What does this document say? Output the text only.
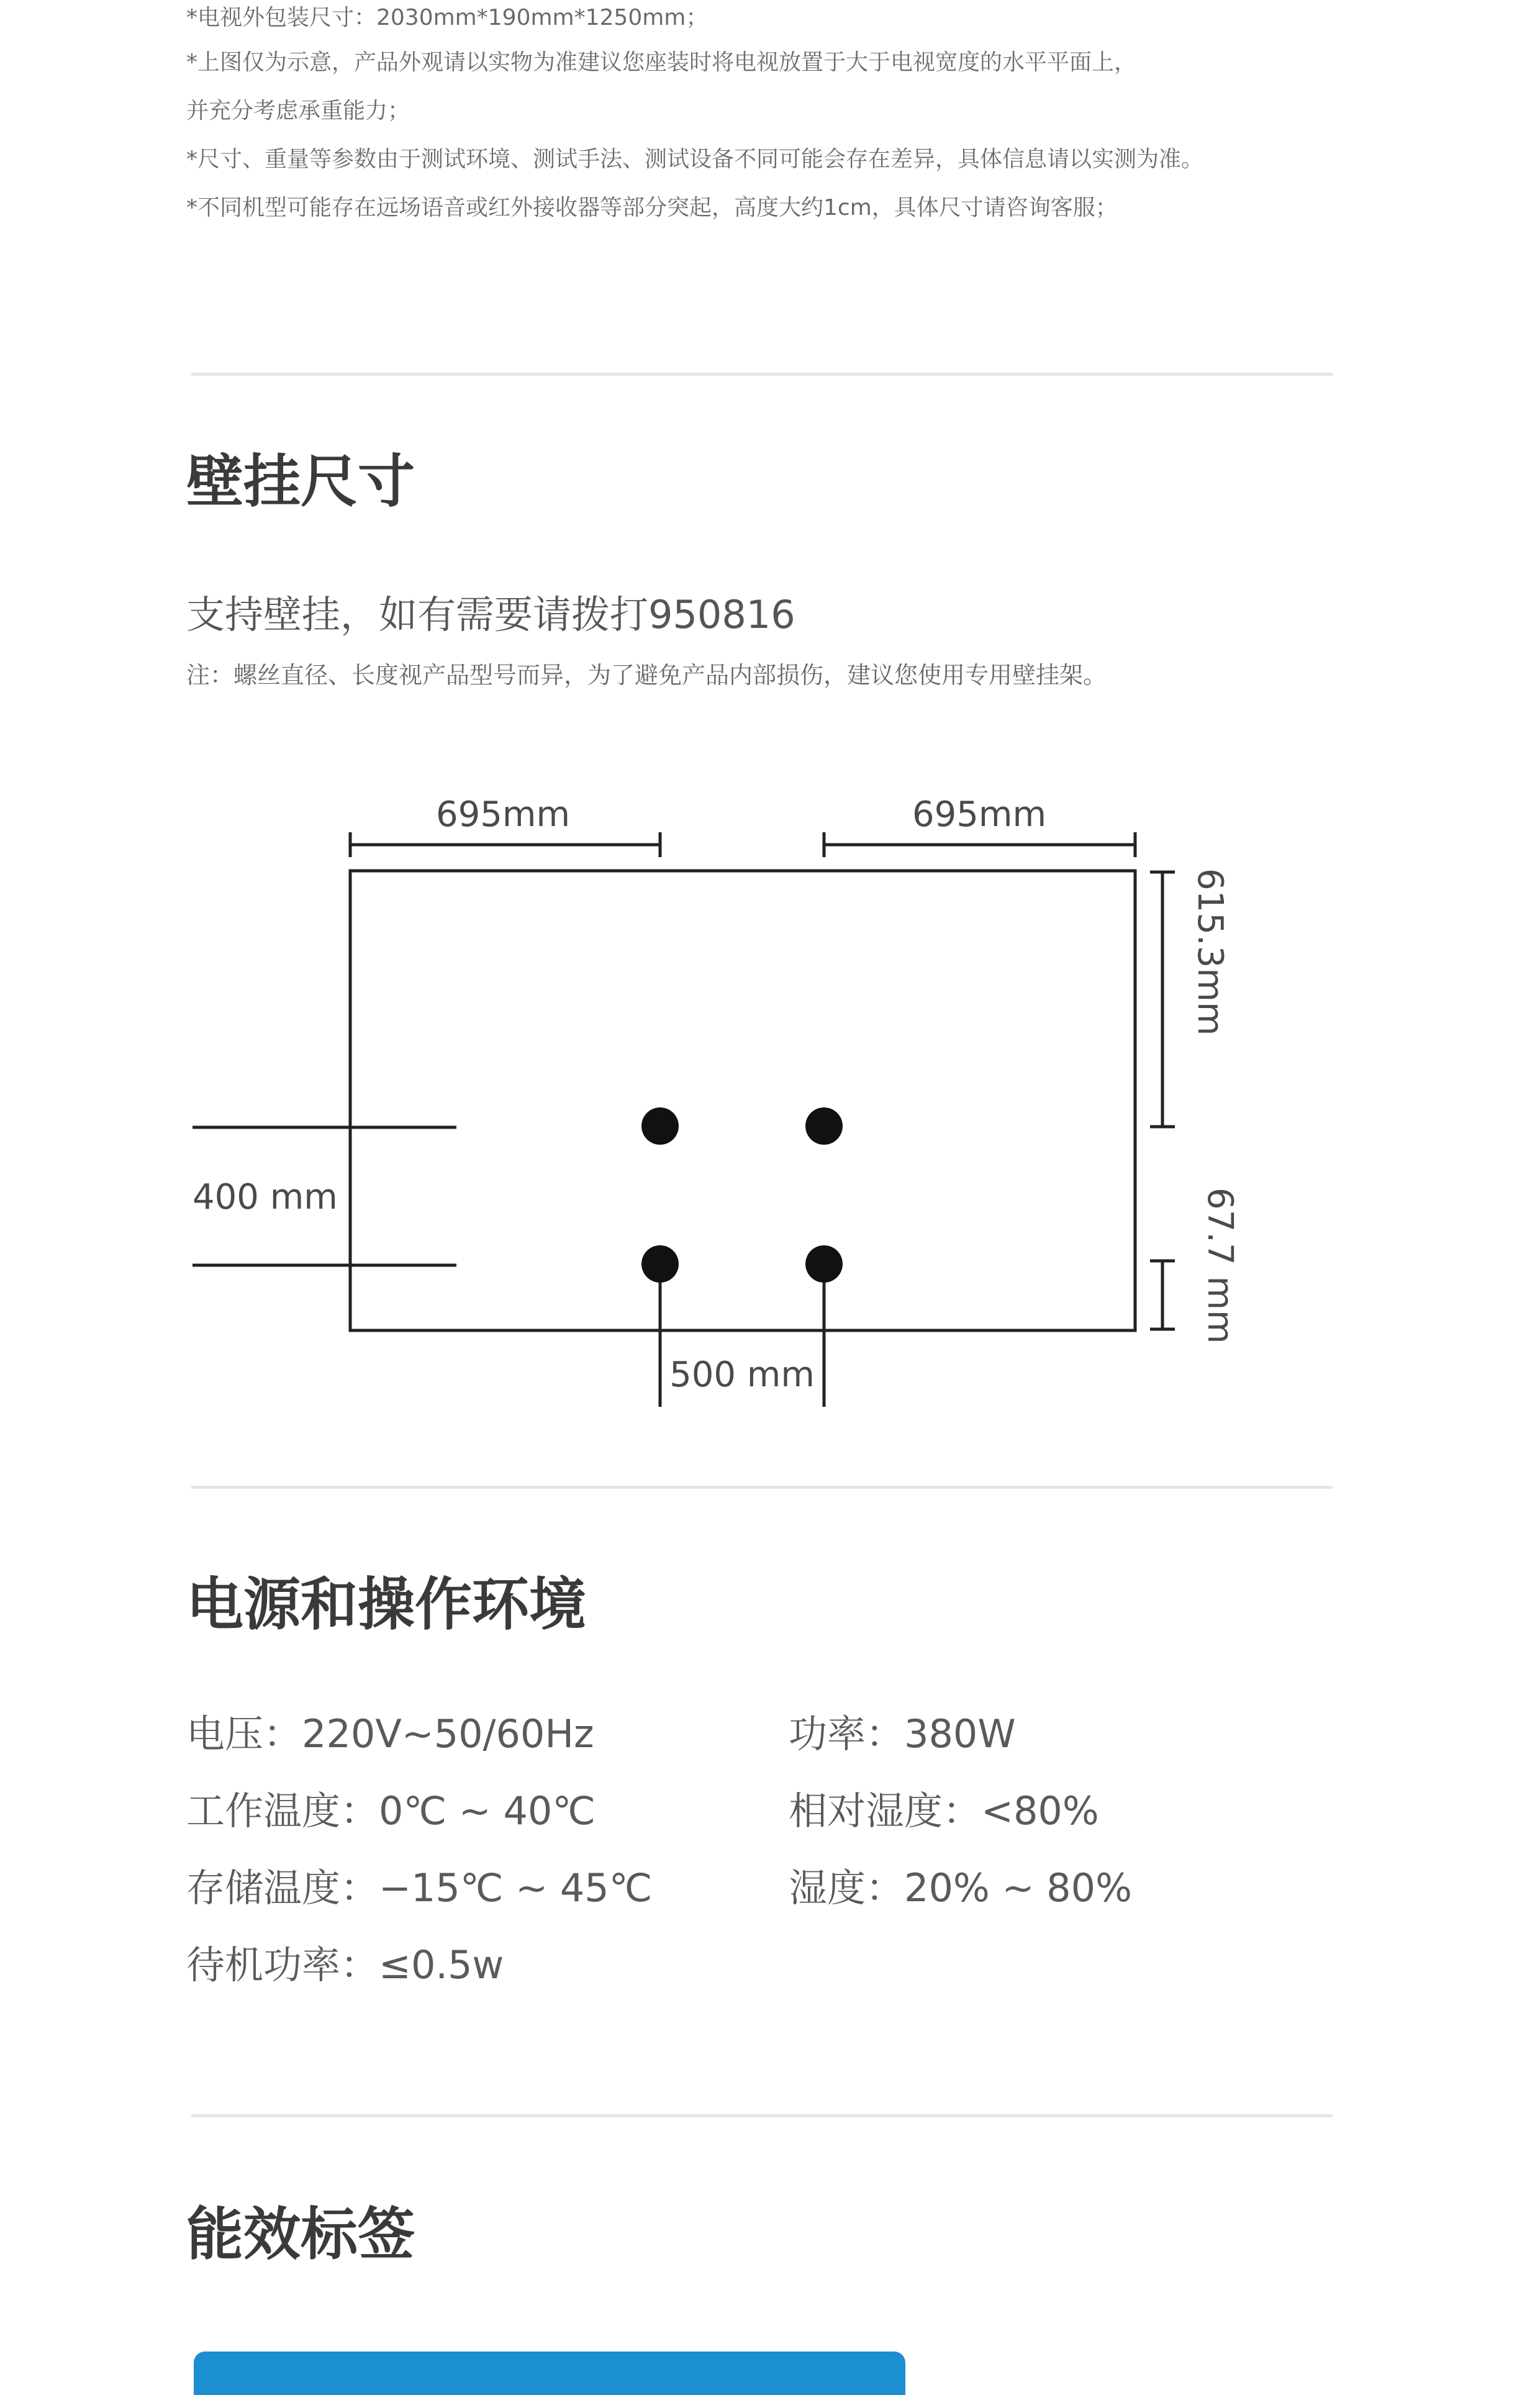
*电视外包装尺寸：2030mm*190mm*1250mm；
*上图仅为示意，产品外观请以实物为准建议您座装时将电视放置于大于电视宽度的水平平面上，
并充分考虑承重能力；
*尺寸、重量等参数由于测试环境、测试手法、测试设备不同可能会存在差异，具体信息请以实测为准。
*不同机型可能存在远场语音或红外接收器等部分突起，高度大约1cm，具体尺寸请咨询客服；
壁挂尺寸
支持壁挂，如有需要请拨打950816
注：螺丝直径、长度视产品型号而异，为了避免产品内部损伤，建议您使用专用壁挂架。
695mm	695mm
615.3mm
67.7 mm
400 mm
500 mm
电源和操作环境
电压：220V~50/60Hz
工作温度：0℃ ~ 40℃
存储温度：−15℃ ~ 45℃
待机功率：≤0.5w
功率：380W
相对湿度：<80%
湿度：20% ~ 80%
能效标签
